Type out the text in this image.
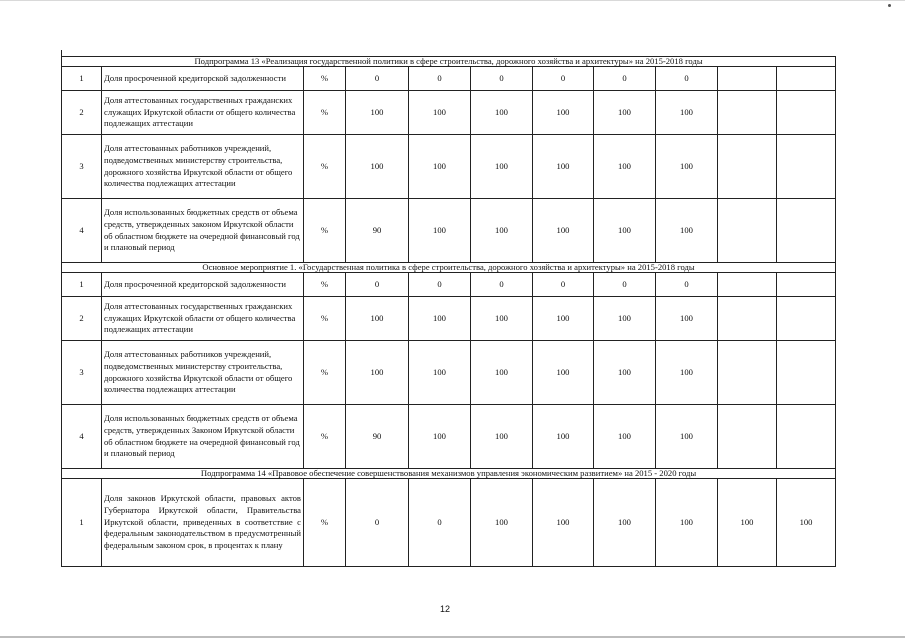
Подпрограмма 13 «Реализация государственной политики в сфере строительства, дорожного хозяйства и архитектуры» на 2015-2018 годы										
1	Доля просроченной кредиторской задолженности	%	0	0	0	0	0	0		
2	Доля аттестованных государственных гражданских служащих Иркутской области от общего количества подлежащих аттестации	%	100	100	100	100	100	100		
3	Доля аттестованных работников учреждений, подведомственных министерству строительства, дорожного хозяйства Иркутской области от общего количества подлежащих аттестации	%	100	100	100	100	100	100		
4	Доля использованных бюджетных средств от объема средств, утвержденных законом Иркутской области об областном бюджете на очередной финансовый год и плановый период	%	90	100	100	100	100	100		
Основное мероприятие 1. «Государственная политика в сфере строительства, дорожного хозяйства и архитектуры» на 2015-2018 годы										
1	Доля просроченной кредиторской задолженности	%	0	0	0	0	0	0		
2	Доля аттестованных государственных гражданских служащих Иркутской области от общего количества подлежащих аттестации	%	100	100	100	100	100	100		
3	Доля аттестованных работников учреждений, подведомственных министерству строительства, дорожного хозяйства Иркутской области от общего количества подлежащих аттестации	%	100	100	100	100	100	100		
4	Доля использованных бюджетных средств от объема средств, утвержденных Законом Иркутской области об областном бюджете на очередной финансовый год и плановый период	%	90	100	100	100	100	100		
Подпрограмма 14 «Правовое обеспечение совершенствования механизмов управления экономическим развитием» на 2015 - 2020 годы										
1	Доля законов Иркутской области, правовых актов Губернатора Иркутской области, Правительства Иркутской области, приведенных в соответствие с федеральным законодательством в предусмотренный федеральным законом срок, в процентах к плану	%	0	0	100	100	100	100	100	100
12
